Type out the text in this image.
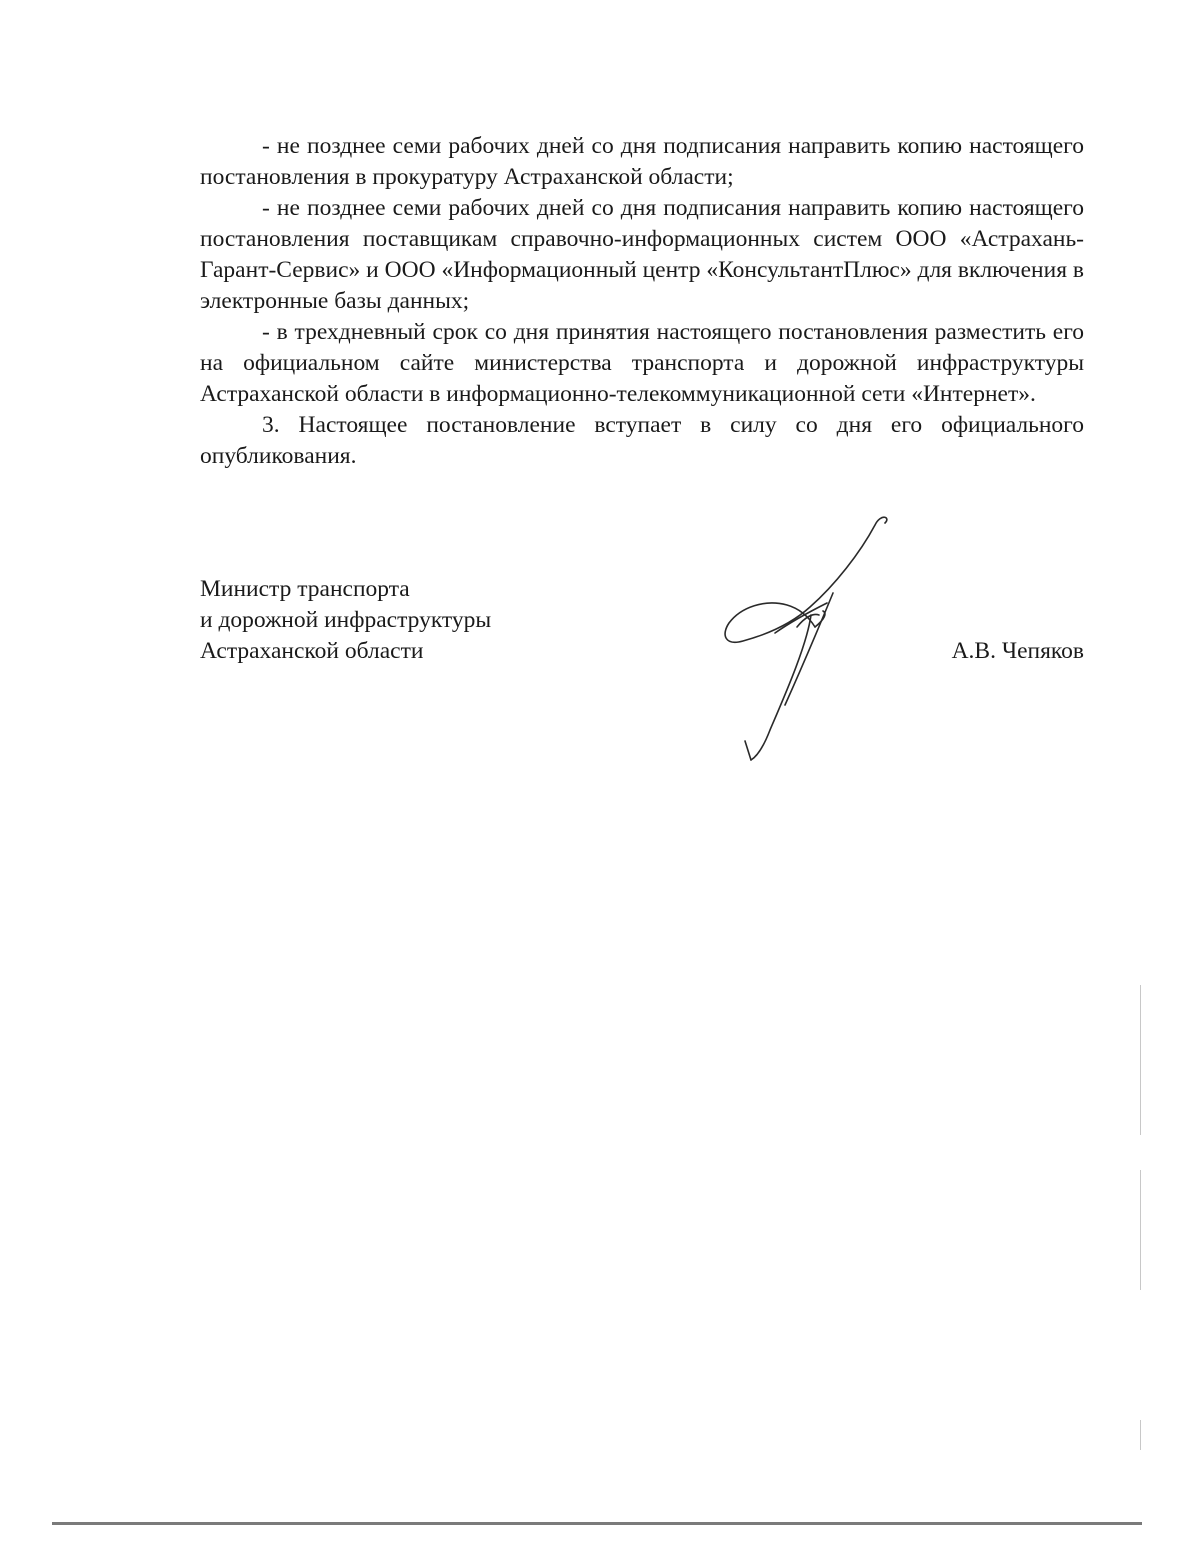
- не позднее семи рабочих дней со дня подписания направить копию настоящего постановления в прокуратуру Астраханской области;

- не позднее семи рабочих дней со дня подписания направить копию настоящего постановления поставщикам справочно-информационных систем ООО «Астрахань-Гарант-Сервис» и ООО «Информационный центр «КонсультантПлюс» для включения в электронные базы данных;

- в трехдневный срок со дня принятия настоящего постановления разместить его на официальном сайте министерства транспорта и дорожной инфраструктуры Астраханской области в информационно-телекоммуникационной сети «Интернет».

3. Настоящее постановление вступает в силу со дня его официального опубликования.

Министр транспорта
и дорожной инфраструктуры
Астраханской области	А.В. Чепяков
